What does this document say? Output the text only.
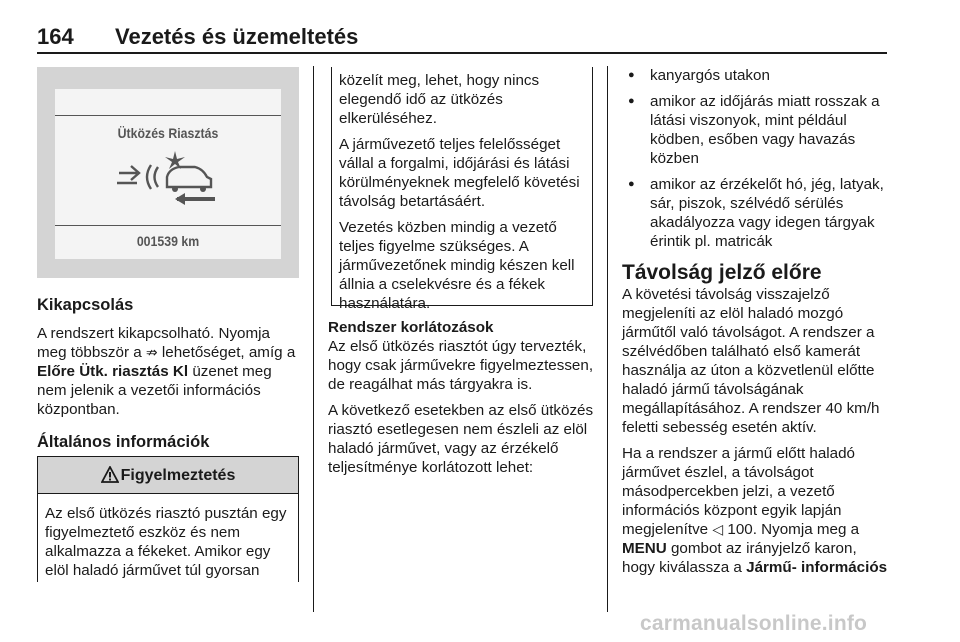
164 Vezetés és üzemeltetés
Ütközés Riasztás
001539 km
Kikapcsolás

A rendszert kikapcsolható. Nyomja meg többször a ⇏ lehetőséget, amíg a Előre Ütk. riasztás Kl üzenet meg nem jelenik a vezetői információs központban.

Általános információk
Figyelmeztetés
Az első ütközés riasztó pusztán egy figyelmeztető eszköz és nem alkalmazza a fékeket. Amikor egy elöl haladó járművet túl gyorsan

közelít meg, lehet, hogy nincs elegendő idő az ütközés elkerüléséhez.

A járművezető teljes felelősséget vállal a forgalmi, időjárási és látási körülményeknek megfelelő követési távolság betartásáért.

Vezetés közben mindig a vezető teljes figyelme szükséges. A járművezetőnek mindig készen kell állnia a cselekvésre és a fékek használatára.

Rendszer korlátozások

Az első ütközés riasztót úgy tervezték, hogy csak járművekre figyelmeztessen, de reagálhat más tárgyakra is.

A következő esetekben az első ütközés riasztó esetlegesen nem észleli az elöl haladó járművet, vagy az érzékelő teljesítménye korlátozott lehet:

● kanyargós utakon
● amikor az időjárás miatt rosszak a látási viszonyok, mint például ködben, esőben vagy havazás közben
● amikor az érzékelőt hó, jég, latyak, sár, piszok, szélvédő sérülés akadályozza vagy idegen tárgyak érintik pl. matricák
Távolság jelző előre

A követési távolság visszajelző megjeleníti az elöl haladó mozgó járműtől való távolságot. A rendszer a szélvédőben található első kamerát használja az úton a közvetlenül előtte haladó jármű távolságának megállapításához. A rendszer 40 km/h feletti sebesség esetén aktív.

Ha a rendszer a jármű előtt haladó járművet észlel, a távolságot másodpercekben jelzi, a vezető információs központ egyik lapján megjelenítve ◁ 100. Nyomja meg a MENU gombot az irányjelző karon, hogy kiválassza a Jármű- információs

carmanualsonline.info
